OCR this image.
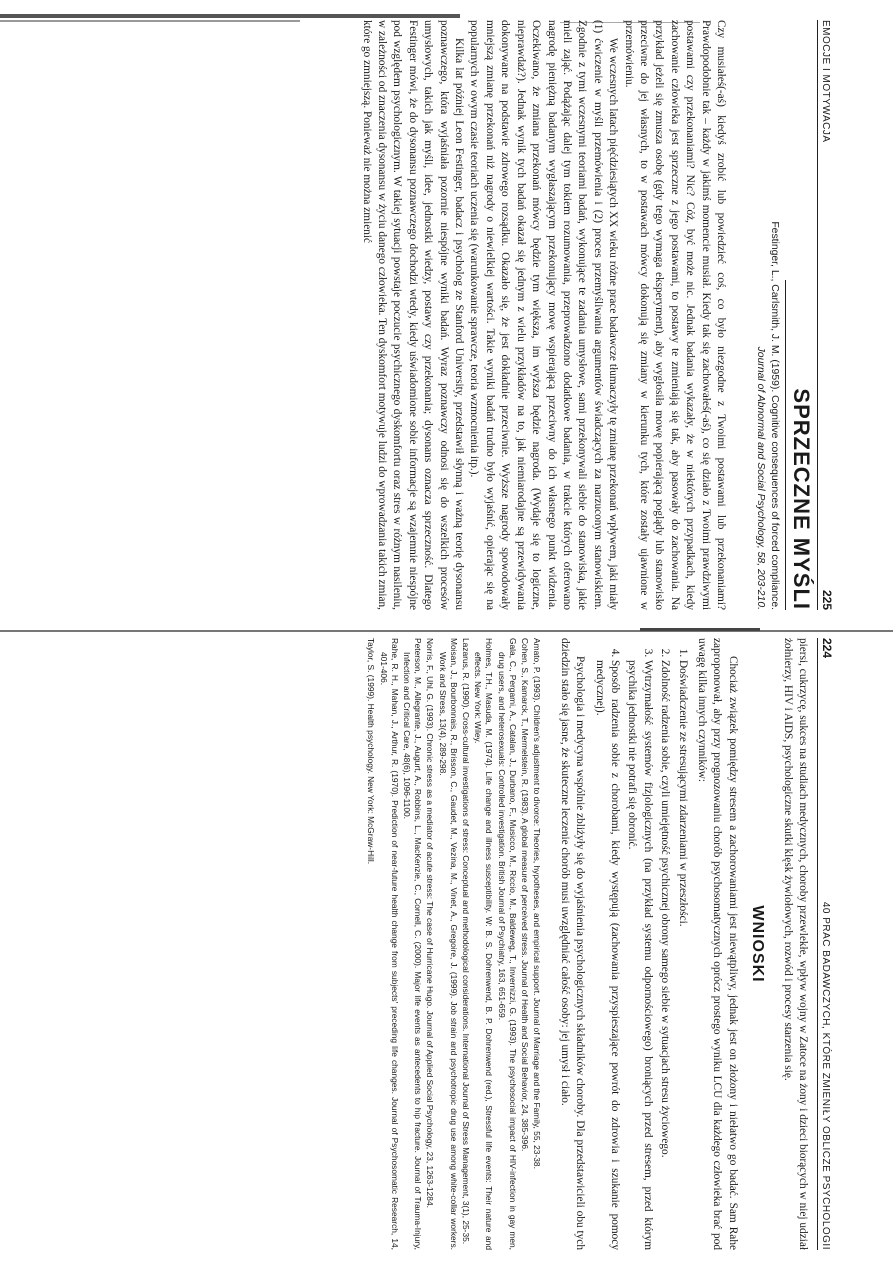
224
40 PRAC BADAWCZYCH, KTÓRE ZMIENIŁY OBLICZE PSYCHOLOGII

piersi, cukrzycę, sukces na studiach medycznych, choroby przewlekłe, wpływ wojny w Zatoce na żony i dzieci biorących w niej udział żołnierzy, HIV i AIDS, psychologiczne skutki klęsk żywiołowych, rozwód i procesy starzenia się.

WNIOSKI

Chociaż związek pomiędzy stresem a zachorowaniami jest niewątpliwy, jednak jest on złożony i niełatwo go badać. Sam Rahe zaproponował, aby przy prognozowaniu chorób psychosomatycznych oprócz prostego wyniku LCU dla każdego człowieka brać pod uwagę kilka innych czynników:

1. Doświadczenie ze stresującymi zdarzeniami w przeszłości.
2. Zdolność radzenia sobie, czyli umiejętność psychicznej obrony samego siebie w sytuacjach stresu życiowego.
3. Wytrzymałość systemów fizjologicznych (na przykład systemu odpornościowego) broniących przed stresem, przed którym psychika jednostki nie potrafi się obronić.
4. Sposób radzenia sobie z chorobami, kiedy występują (zachowania przyspieszające powrót do zdrowia i szukanie pomocy medycznej).

Psychologia i medycyna wspólnie zbliżyły się do wyjaśnienia psychologicznych składników choroby. Dla przedstawicieli obu tych dziedzin stało się jasne, że skuteczne leczenie chorób musi uwzględniać całość osoby: jej umysł i ciało.

Amato, P. (1993). Children's adjustment to divorce: Theories, hypotheses, and empirical support. Journal of Marriage and the Family, 55, 23-38.
Cohen, S., Kamarck, T., Mermelstein, R. (1983). A global measure of perceived stress. Journal of Health and Social Behavior, 24, 385-396.
Gala, C., Pergami, A., Catalan, J., Durbano, F., Musicco, M., Riccio, M., Baldeweg, T., Invernizzi, G. (1993). The psychosocial impact of HIV-infection in gay men, drug users, and heterosexuals: Controlled investigation. British Journal of Psychiatry, 163, 651-659.
Holmes, T.H., Masuda, M. (1974). Life change and illness susceptibility. W: B. S. Dohrenwend, B. P. Dohrenwend (red.), Stressful life events: Their nature and effects. New York: Wiley.
Lazarus, R. (1990). Cross-cultural investigations of stress: Conceptual and methodological considerations. International Journal of Stress Management, 3(1), 25-35.
Moisan, J., Bourbonnais, R., Brisson, C., Gaudet, M., Vezina, M., Vinet, A., Gregoire, J. (1999). Job strain and psychotropic drug use among white-collar workers. Work and Stress, 13(4), 289-298.
Norris, F., Uhl, G. (1993). Chronic stress as a mediator of acute stress: The case of Hurricane Hugo. Journal of Applied Social Psychology, 23, 1263-1284.
Peterson, M., Allegrante, J., Augurt, A., Robbins, L., MacKenzie, C., Cornell, C. (2000). Major life events as antecedents to hip fracture. Journal of Trauma-Injury, Infection and Critical Care, 48(6), 1096-1100.
Rahe, R. H., Mahan, J., Arthur, R. (1970). Prediction of near-future health change from subjects' preceding life changes. Journal of Psychosomatic Research, 14, 401-406.
Taylor, S. (1999). Health psychology. New York: McGraw-Hill.
EMOCJE I MOTYWACJA
225
SPRZECZNE MYŚLI
Festinger, L., Carlsmith, J. M. (1959). Cognitive consequences of forced compliance.
Journal of Abnormal and Social Psychology, 58, 203-210.

Czy musiałeś(-aś) kiedyś zrobić lub powiedzieć coś, co było niezgodne z Twoimi postawami lub przekonaniami? Prawdopodobnie tak – każdy w jakimś momencie musiał. Kiedy tak się zachowałeś(-aś), co się działo z Twoimi prawdziwymi postawami czy przekonaniami? Nic? Cóż, być może nic. Jednak badania wykazały, że w niektórych przypadkach, kiedy zachowanie człowieka jest sprzeczne z jego postawami, to postawy te zmieniają się tak, aby pasowały do zachowania. Na przykład jeżeli się zmusza osobę (gdy tego wymaga eksperyment), aby wygłosiła mowę popierającą poglądy lub stanowisko przeciwne do jej własnych, to w postawach mówcy dokonują się zmiany w kierunku tych, które zostały ujawnione w przemówieniu.

We wczesnych latach pięćdziesiątych XX wieku różne prace badawcze tłumaczyły tę zmianę przekonań wpływem, jaki miały (1) ćwiczenie w myśli przemówienia i (2) proces przemyśliwania argumentów świadczących za narzuconym stanowiskiem. Zgodnie z tymi wczesnymi teoriami badań, wykonujące te zadania umysłowe, sami przekonywali siebie do stanowiska, jakie mieli zająć. Podążając dalej tym tokiem rozumowania, przeprowadzono dodatkowe badania, w trakcie których oferowano nagrodę pieniężną badanym wygłaszającym przekonujący mowę wspierającą przeciwny do ich własnego punkt widzenia. Oczekiwano, że zmiana przekonań mówcy będzie tym większa, im wyższa będzie nagroda. (Wydaje się to logiczne, nieprawdaż?). Jednak wynik tych badań okazał się jednym z wielu przykładów na to, jak niemiarodajne są przewidywania dokonywane na podstawie zdrowego rozsądku. Okazało się, że jest dokładnie przeciwnie. Wyższe nagrody spowodowały mniejszą zmianę przekonań niż nagrody o niewielkiej wartości. Takie wyniki badań trudno było wyjaśnić, opierając się na popularnych w owym czasie teoriach uczenia się (warunkowanie sprawcze, teoria wzmocnienia itp.).

Kilka lat później Leon Festinger, badacz i psycholog ze Stanford University, przedstawił słynną i ważną teorię dysonansu poznawczego, która wyjaśniała pozornie niespójne wyniki badań. Wyraz poznawczy odnosi się do wszelkich procesów umysłowych, takich jak myśli, idee, jednostki wiedzy, postawy czy przekonania; dysonans oznacza sprzeczność. Dlatego Festinger mówi, że do dysonansu poznawczego dochodzi wtedy, kiedy uświadomione sobie informacje są wzajemnie niespójne pod względem psychologicznym. W takiej sytuacji powstaje poczucie psychicznego dyskomfortu oraz stres w różnym nasileniu, w zależności od znaczenia dysonansu w życiu danego człowieka. Ten dyskomfort motywuje ludzi do wprowadzania takich zmian, które go zmniejszą. Ponieważ nie można zmienić
